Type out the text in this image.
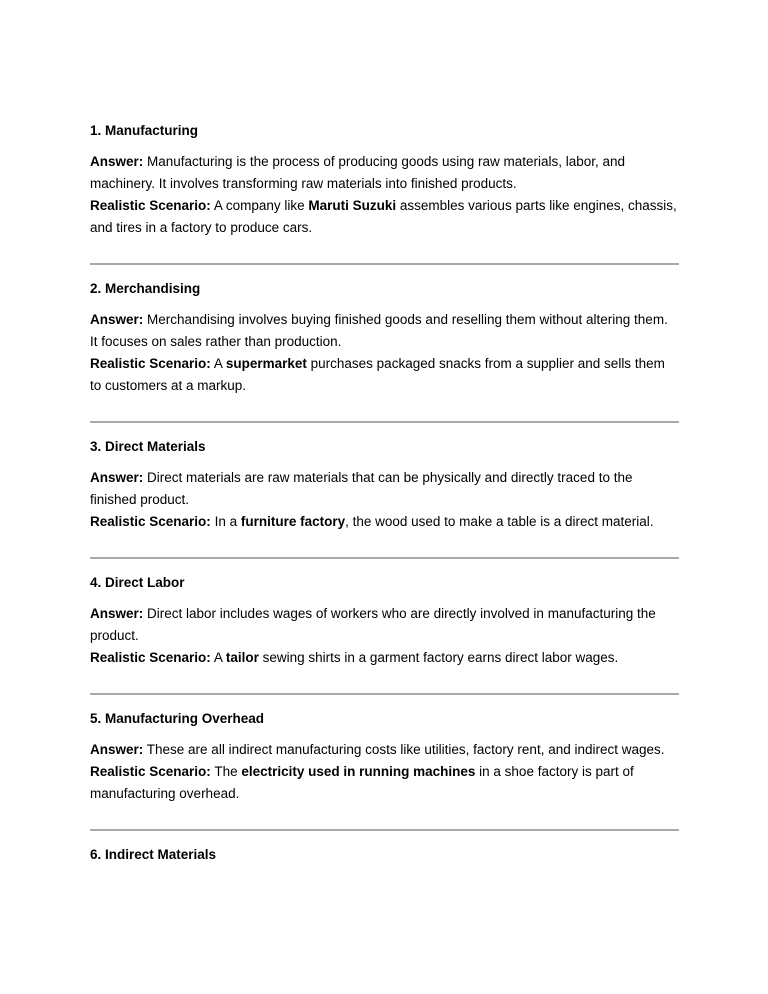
1. Manufacturing

Answer: Manufacturing is the process of producing goods using raw materials, labor, and machinery. It involves transforming raw materials into finished products.

Realistic Scenario: A company like Maruti Suzuki assembles various parts like engines, chassis, and tires in a factory to produce cars.

2. Merchandising

Answer: Merchandising involves buying finished goods and reselling them without altering them. It focuses on sales rather than production.

Realistic Scenario: A supermarket purchases packaged snacks from a supplier and sells them to customers at a markup.

3. Direct Materials

Answer: Direct materials are raw materials that can be physically and directly traced to the finished product.

Realistic Scenario: In a furniture factory, the wood used to make a table is a direct material.

4. Direct Labor

Answer: Direct labor includes wages of workers who are directly involved in manufacturing the product.

Realistic Scenario: A tailor sewing shirts in a garment factory earns direct labor wages.

5. Manufacturing Overhead

Answer: These are all indirect manufacturing costs like utilities, factory rent, and indirect wages.

Realistic Scenario: The electricity used in running machines in a shoe factory is part of manufacturing overhead.

6. Indirect Materials
